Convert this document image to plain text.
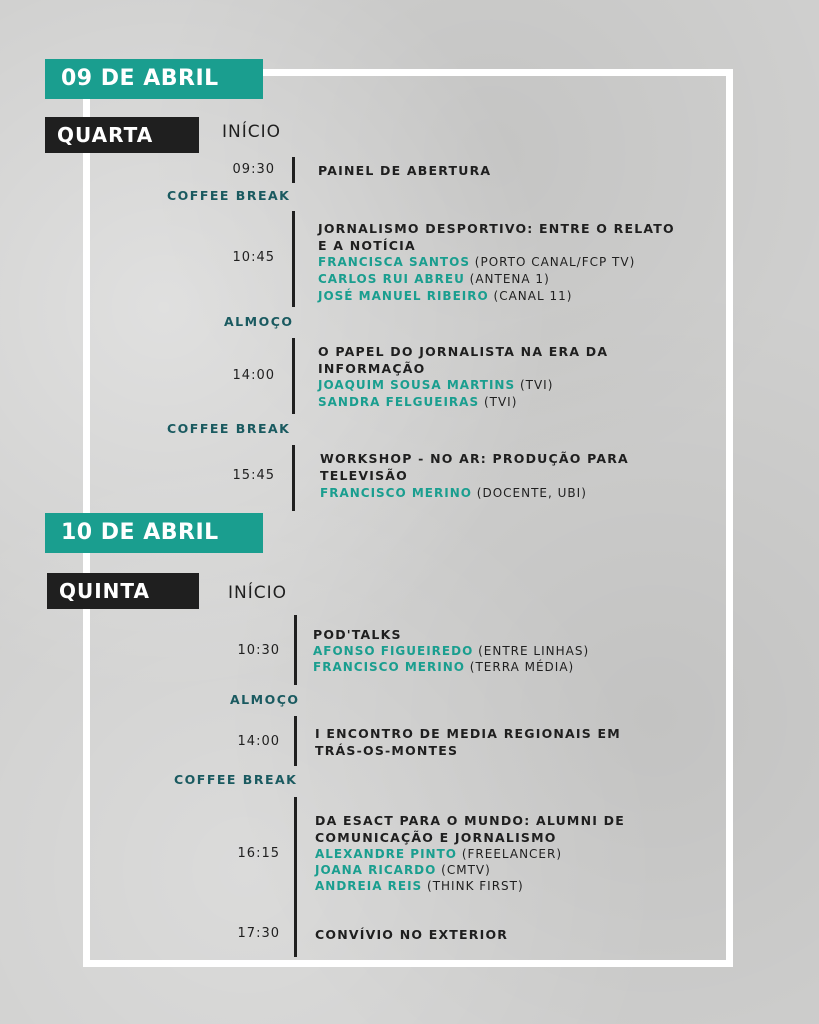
09 DE ABRIL
QUARTA	INÍCIO
09:30	PAINEL DE ABERTURA
COFFEE BREAK
10:45
JORNALISMO DESPORTIVO: ENTRE O RELATO E A NOTÍCIA
FRANCISCA SANTOS (PORTO CANAL/FCP TV)
CARLOS RUI ABREU (ANTENA 1)
JOSÉ MANUEL RIBEIRO (CANAL 11)
ALMOÇO
14:00
O PAPEL DO JORNALISTA NA ERA DA INFORMAÇÃO
JOAQUIM SOUSA MARTINS (TVI)
SANDRA FELGUEIRAS (TVI)
COFFEE BREAK
15:45
WORKSHOP - NO AR: PRODUÇÃO PARA TELEVISÃO
FRANCISCO MERINO (DOCENTE, UBI)
10 DE ABRIL
QUINTA	INÍCIO
10:30
POD'TALKS
AFONSO FIGUEIREDO (ENTRE LINHAS)
FRANCISCO MERINO (TERRA MÉDIA)
ALMOÇO
14:00
I ENCONTRO DE MEDIA REGIONAIS EM TRÁS-OS-MONTES
COFFEE BREAK
16:15
DA ESACT PARA O MUNDO: ALUMNI DE COMUNICAÇÃO E JORNALISMO
ALEXANDRE PINTO (FREELANCER)
JOANA RICARDO (CMTV)
ANDREIA REIS (THINK FIRST)
17:30	CONVÍVIO NO EXTERIOR
